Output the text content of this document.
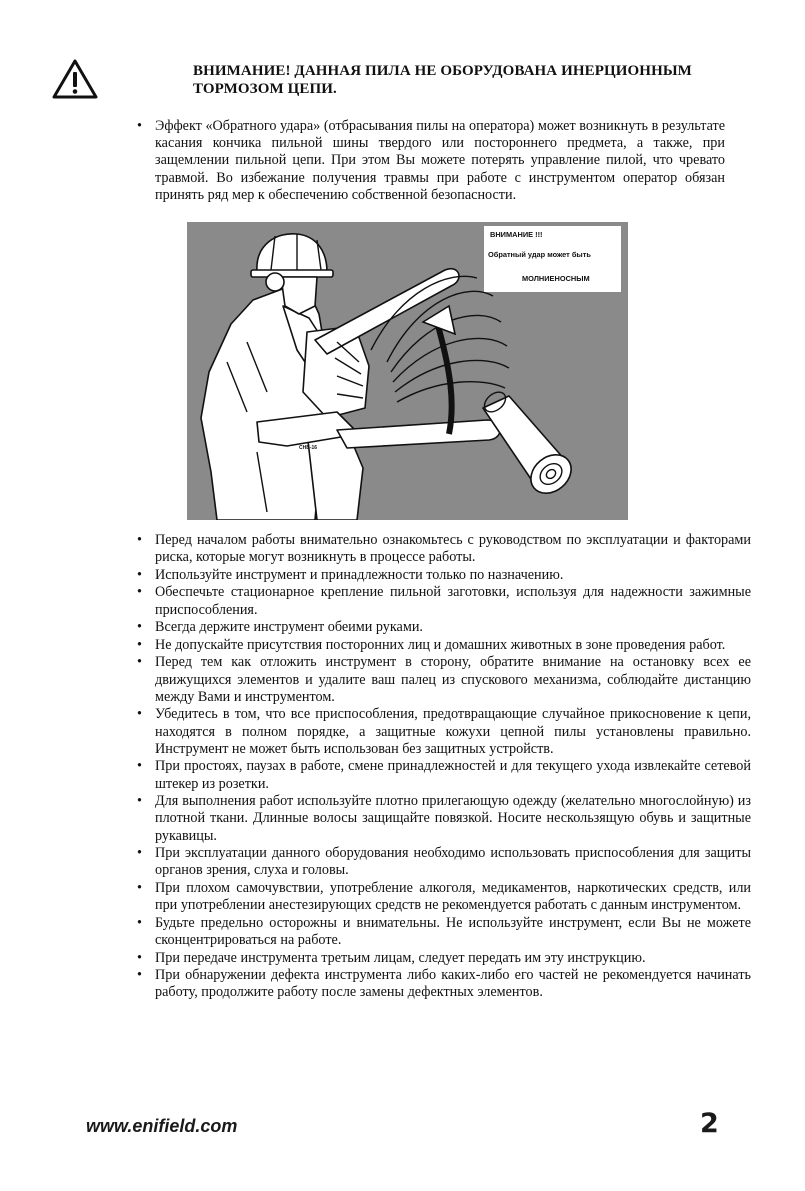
ВНИМАНИЕ! ДАННАЯ ПИЛА НЕ ОБОРУДОВАНА ИНЕРЦИОННЫМ
ТОРМОЗОМ ЦЕПИ.
• Эффект «Обратного удара» (отбрасывания пилы на оператора) может возникнуть в результате касания кончика пильной шины твердого или постороннего предмета, а также, при защемлении пильной цепи. При этом Вы можете потерять управление пилой, что чревато травмой. Во избежание получения травмы при работе с инструментом оператор обязан принять ряд мер к обеспечению собственной безопасности.
ВНИМАНИЕ !!!
Обратный удар может быть
МОЛНИЕНОСНЫМ
CHB-16
• Перед началом работы внимательно ознакомьтесь с руководством по эксплуатации и факторами риска, которые могут возникнуть в процессе работы.
• Используйте инструмент и принадлежности только по назначению.
• Обеспечьте стационарное крепление пильной заготовки, используя для надежности зажимные приспособления.
• Всегда держите инструмент обеими руками.
• Не допускайте присутствия посторонних лиц и домашних животных в зоне проведения работ.
• Перед тем как отложить инструмент в сторону, обратите внимание на остановку всех ее движущихся элементов и удалите ваш палец из спускового механизма, соблюдайте дистанцию между Вами и инструментом.
• Убедитесь в том, что все приспособления, предотвращающие случайное прикосновение к цепи, находятся в полном порядке, а защитные кожухи цепной пилы установлены правильно. Инструмент не может быть использован без защитных устройств.
• При простоях, паузах в работе, смене принадлежностей и для текущего ухода извлекайте сетевой штекер из розетки.
• Для выполнения работ используйте плотно прилегающую одежду (желательно многослойную) из плотной ткани. Длинные волосы защищайте повязкой. Носите нескользящую обувь и защитные рукавицы.
• При эксплуатации данного оборудования необходимо использовать приспособления для защиты органов зрения, слуха и головы.
• При плохом самочувствии, употребление алкоголя, медикаментов, наркотических средств, или при употреблении анестезирующих средств не рекомендуется работать с данным инструментом.
• Будьте предельно осторожны и внимательны. Не используйте инструмент, если Вы не можете сконцентрироваться на работе.
• При передаче инструмента третьим лицам, следует передать им эту инструкцию.
• При обнаружении дефекта инструмента либо каких-либо его частей не рекомендуется начинать работу, продолжите работу после замены дефектных элементов.
www.enifield.com	2
